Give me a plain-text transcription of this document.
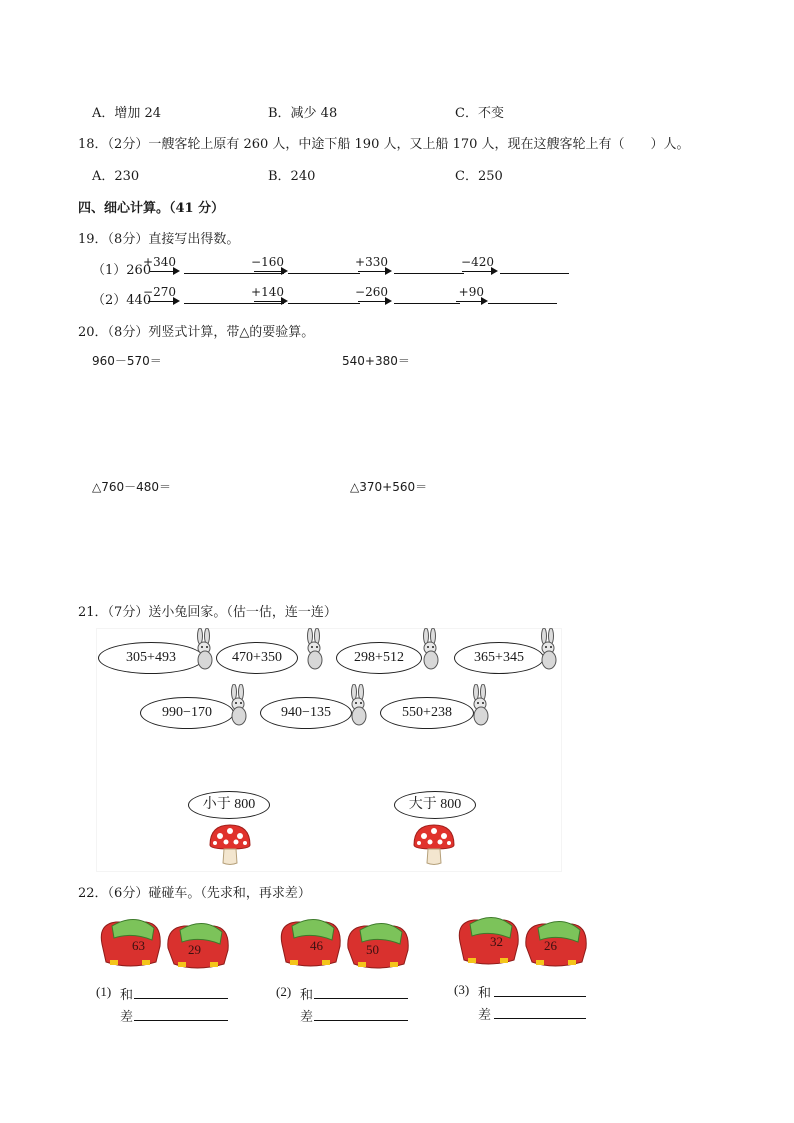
A．增加 24	B．减少 48	C．不变
18．（2分）一艘客轮上原有 260 人，中途下船 190 人，又上船 170 人，现在这艘客轮上有（　　）人。
A．230	B．240	C．250
四、细心计算。（41 分）
19．（8分）直接写出得数。
（1）260
+340	−160	+330	−420
（2）440
−270	+140	−260	+90
20．（8分）列竖式计算，带△的要验算。
960－570＝	540+380＝
△760－480＝	△370+560＝
21．（7分）送小兔回家。（估一估，连一连）
305+493	470+350	298+512	365+345
990−170	940−135	550+238
小于 800	大于 800
22．（6分）碰碰车。（先求和，再求差）
63	29
(1) 和
差
46	50
(2) 和
差
32	26
(3) 和
差
